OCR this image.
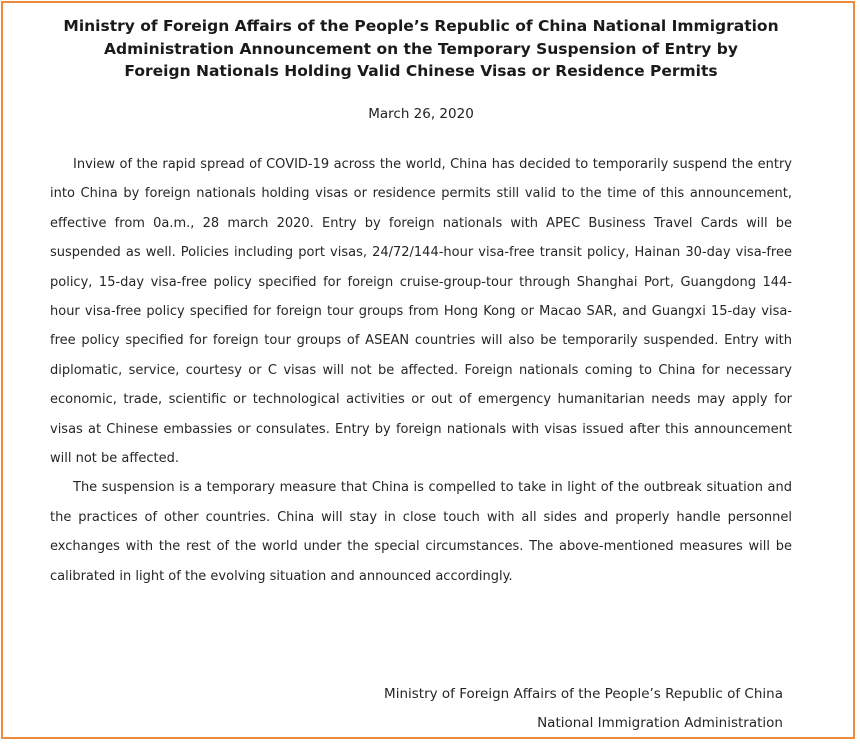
Ministry of Foreign Affairs of the People’s Republic of China National Immigration
Administration Announcement on the Temporary Suspension of Entry by
Foreign Nationals Holding Valid Chinese Visas or Residence Permits
March 26, 2020

Inview of the rapid spread of COVID-19 across the world, China has decided to temporarily suspend the entry into China by foreign nationals holding visas or residence permits still valid to the time of this announcement, effective from 0a.m., 28 march 2020. Entry by foreign nationals with APEC Business Travel Cards will be suspended as well. Policies including port visas, 24/72/144-hour visa-free transit policy, Hainan 30-day visa-free policy, 15-day visa-free policy specified for foreign cruise-group-tour through Shanghai Port, Guangdong 144-hour visa-free policy specified for foreign tour groups from Hong Kong or Macao SAR, and Guangxi 15-day visa-free policy specified for foreign tour groups of ASEAN countries will also be temporarily suspended. Entry with diplomatic, service, courtesy or C visas will not be affected. Foreign nationals coming to China for necessary economic, trade, scientific or technological activities or out of emergency humanitarian needs may apply for visas at Chinese embassies or consulates. Entry by foreign nationals with visas issued after this announcement will not be affected.

The suspension is a temporary measure that China is compelled to take in light of the outbreak situation and the practices of other countries. China will stay in close touch with all sides and properly handle personnel exchanges with the rest of the world under the special circumstances. The above-mentioned measures will be calibrated in light of the evolving situation and announced accordingly.

Ministry of Foreign Affairs of the People’s Republic of China
National Immigration Administration
